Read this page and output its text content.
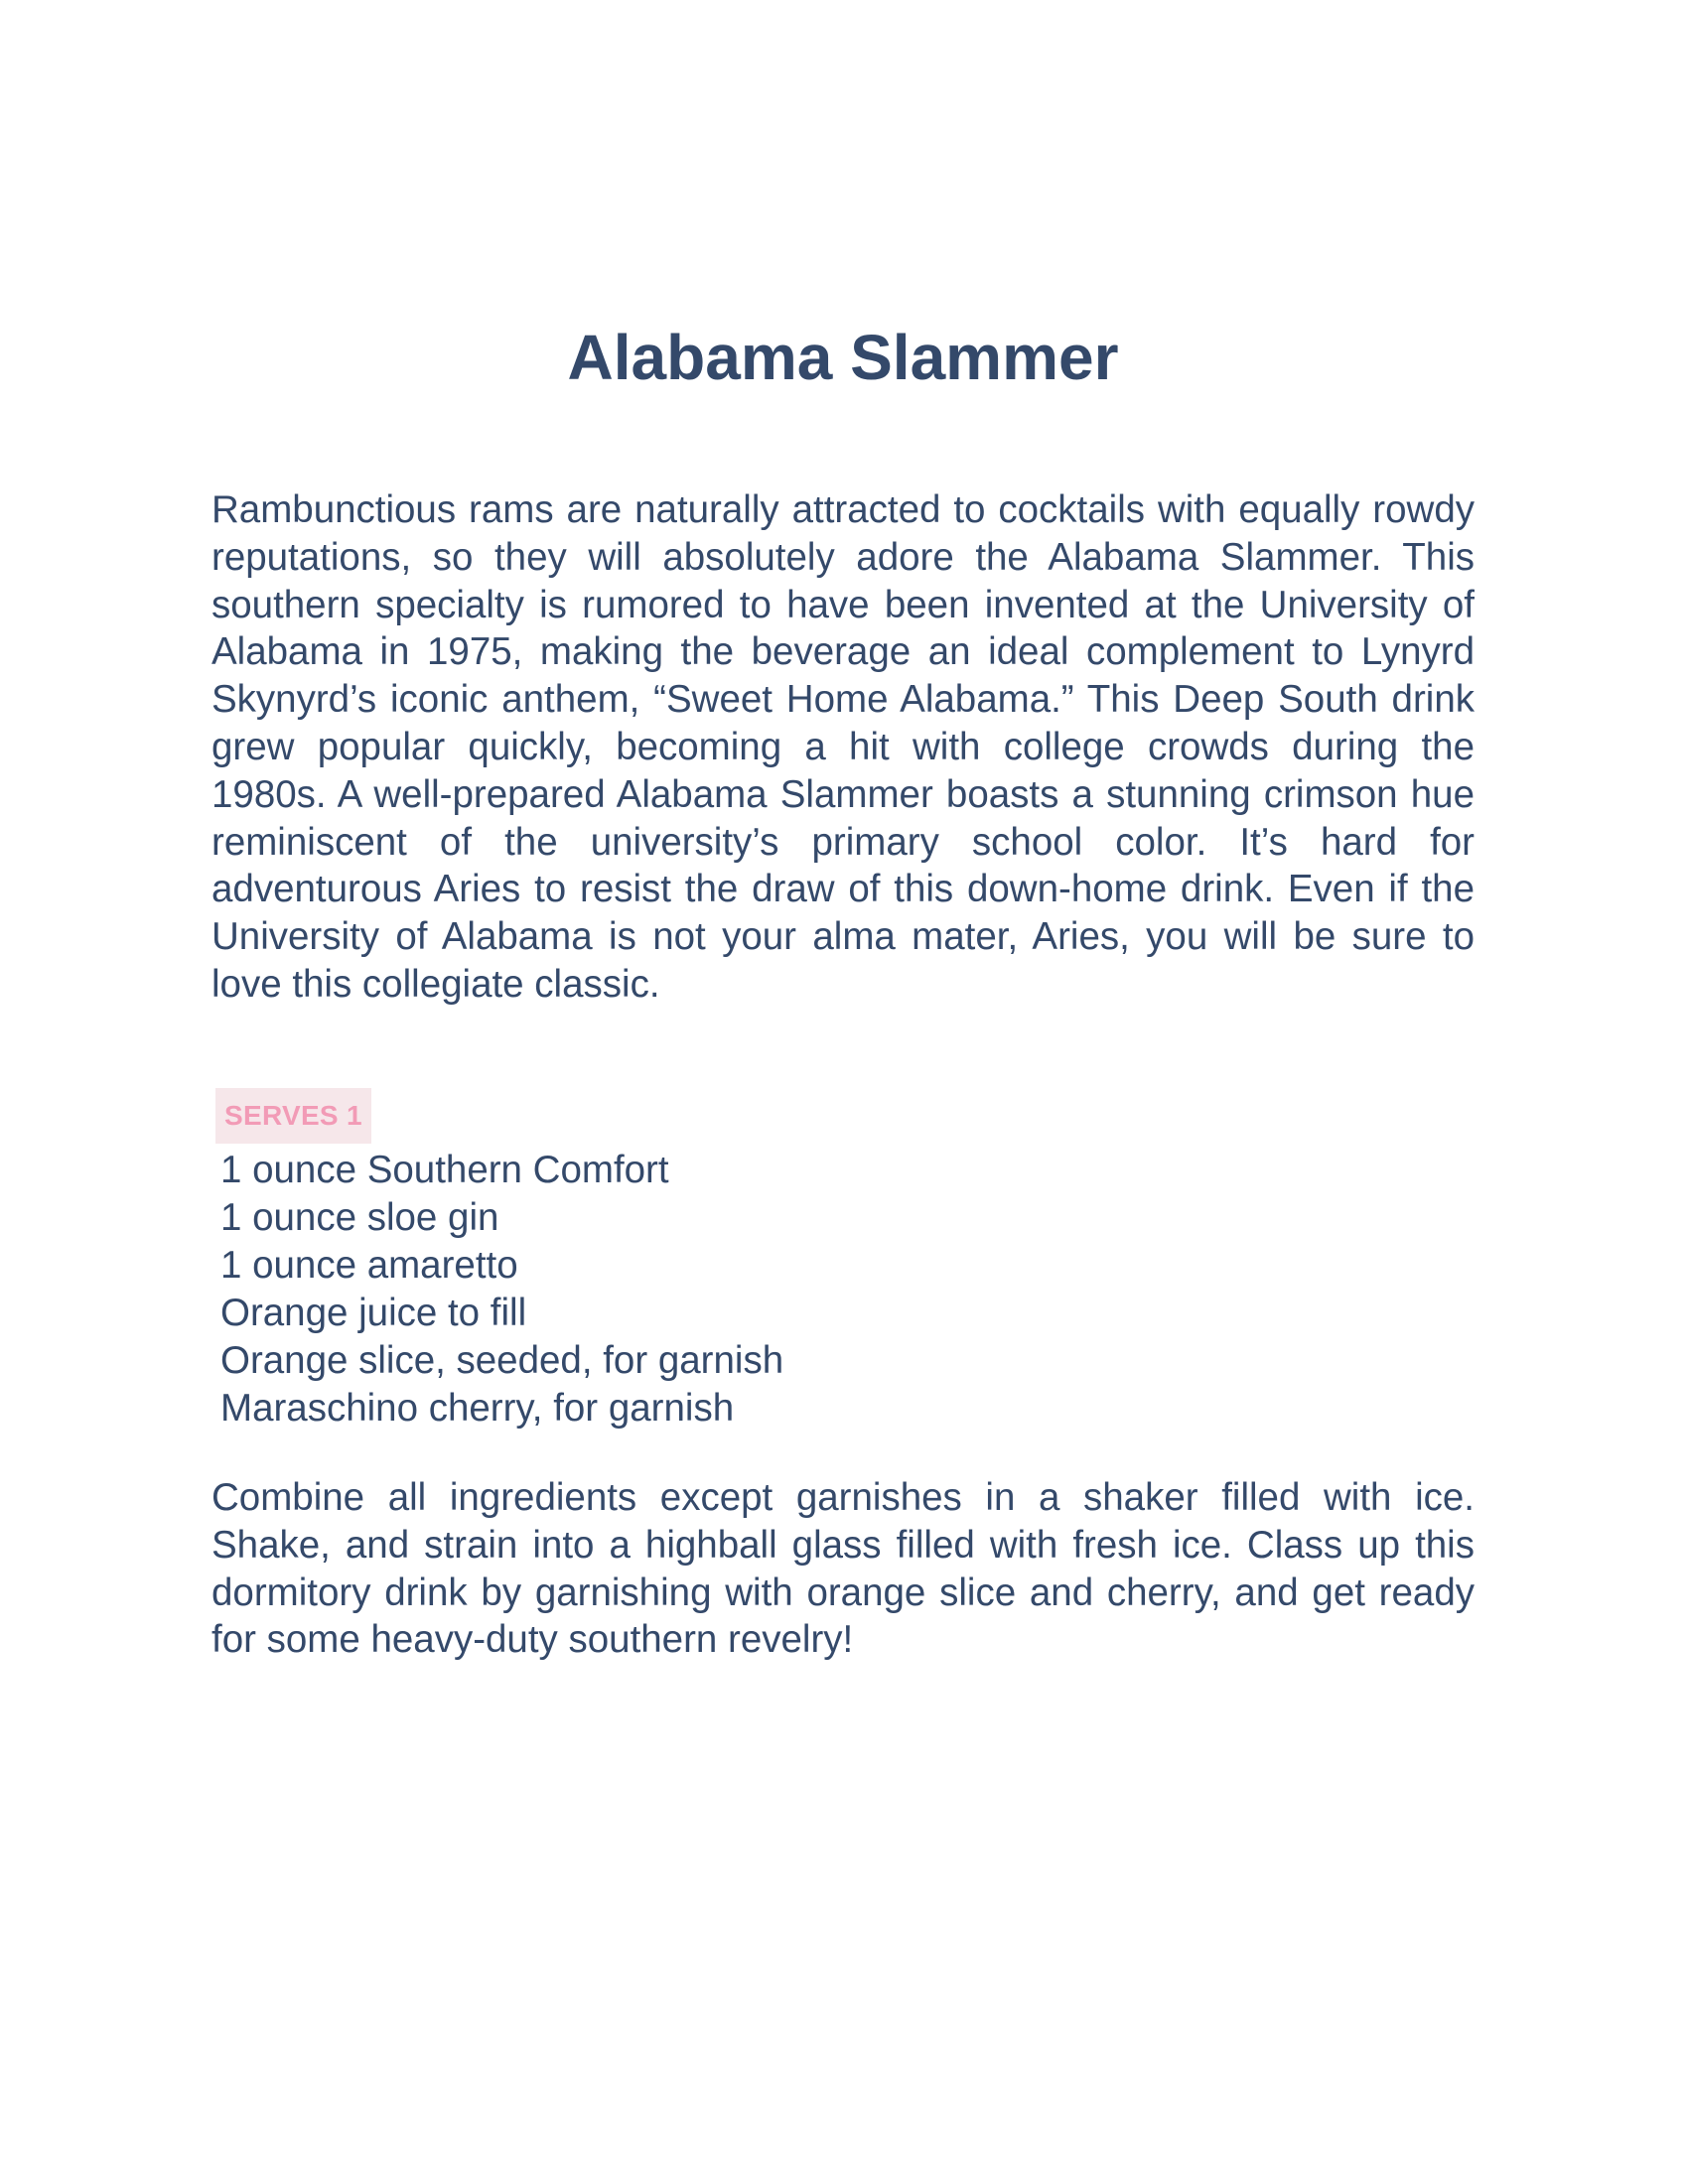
Alabama Slammer

Rambunctious rams are naturally attracted to cocktails with equally rowdy reputations, so they will absolutely adore the Alabama Slammer. This southern specialty is rumored to have been invented at the University of Alabama in 1975, making the beverage an ideal complement to Lynyrd Skynyrd’s iconic anthem, “Sweet Home Alabama.” This Deep South drink grew popular quickly, becoming a hit with college crowds during the 1980s. A well-prepared Alabama Slammer boasts a stunning crimson hue reminiscent of the university’s primary school color. It’s hard for adventurous Aries to resist the draw of this down-home drink. Even if the University of Alabama is not your alma mater, Aries, you will be sure to love this collegiate classic.

SERVES 1
1 ounce Southern Comfort
1 ounce sloe gin
1 ounce amaretto
Orange juice to fill
Orange slice, seeded, for garnish
Maraschino cherry, for garnish

Combine all ingredients except garnishes in a shaker filled with ice. Shake, and strain into a highball glass filled with fresh ice. Class up this dormitory drink by garnishing with orange slice and cherry, and get ready for some heavy-duty southern revelry!
